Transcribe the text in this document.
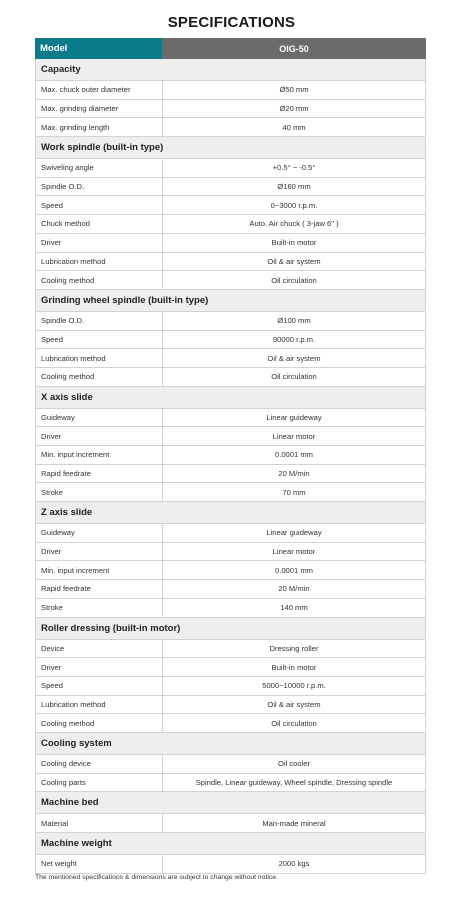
SPECIFICATIONS
Model	OIG-50
Capacity
Max. chuck outer diameter	Ø50 mm
Max. grinding diameter	Ø20 mm
Max. grinding length	40 mm
Work spindle (built-in type)
Swiveling angle	+0.5° ~ -0.5°
Spindle O.D.	Ø160 mm
Speed	0~3000 r.p.m.
Chuck method	Auto. Air chuck ( 3-jaw 6" )
Driver	Built-in motor
Lubrication method	Oil & air system
Cooling method	Oil circulation
Grinding wheel spindle (built-in type)
Spindle O.D.	Ø100 mm
Speed	90000 r.p.m.
Lubrication method	Oil & air system
Cooling method	Oil circulation
X axis slide
Guideway	Linear guideway
Driver	Linear motor
Min. input increment	0.0001 mm
Rapid feedrate	20 M/min
Stroke	70 mm
Z axis slide
Guideway	Linear guideway
Driver	Linear motor
Min. input increment	0.0001 mm
Rapid feedrate	20 M/min
Stroke	140 mm
Roller dressing (built-in motor)
Device	Dressing roller
Driver	Built-in motor
Speed	5000~10000 r.p.m.
Lubrication method	Oil & air system
Cooling method	Oil circulation
Cooling system
Cooling device	Oil cooler
Cooling parts	Spindle, Linear guideway, Wheel spindle, Dressing spindle
Machine bed
Material	Man-made mineral
Machine weight
Net weight	2000 kgs
The mentioned specifications & dimensions are subject to change without notice.
